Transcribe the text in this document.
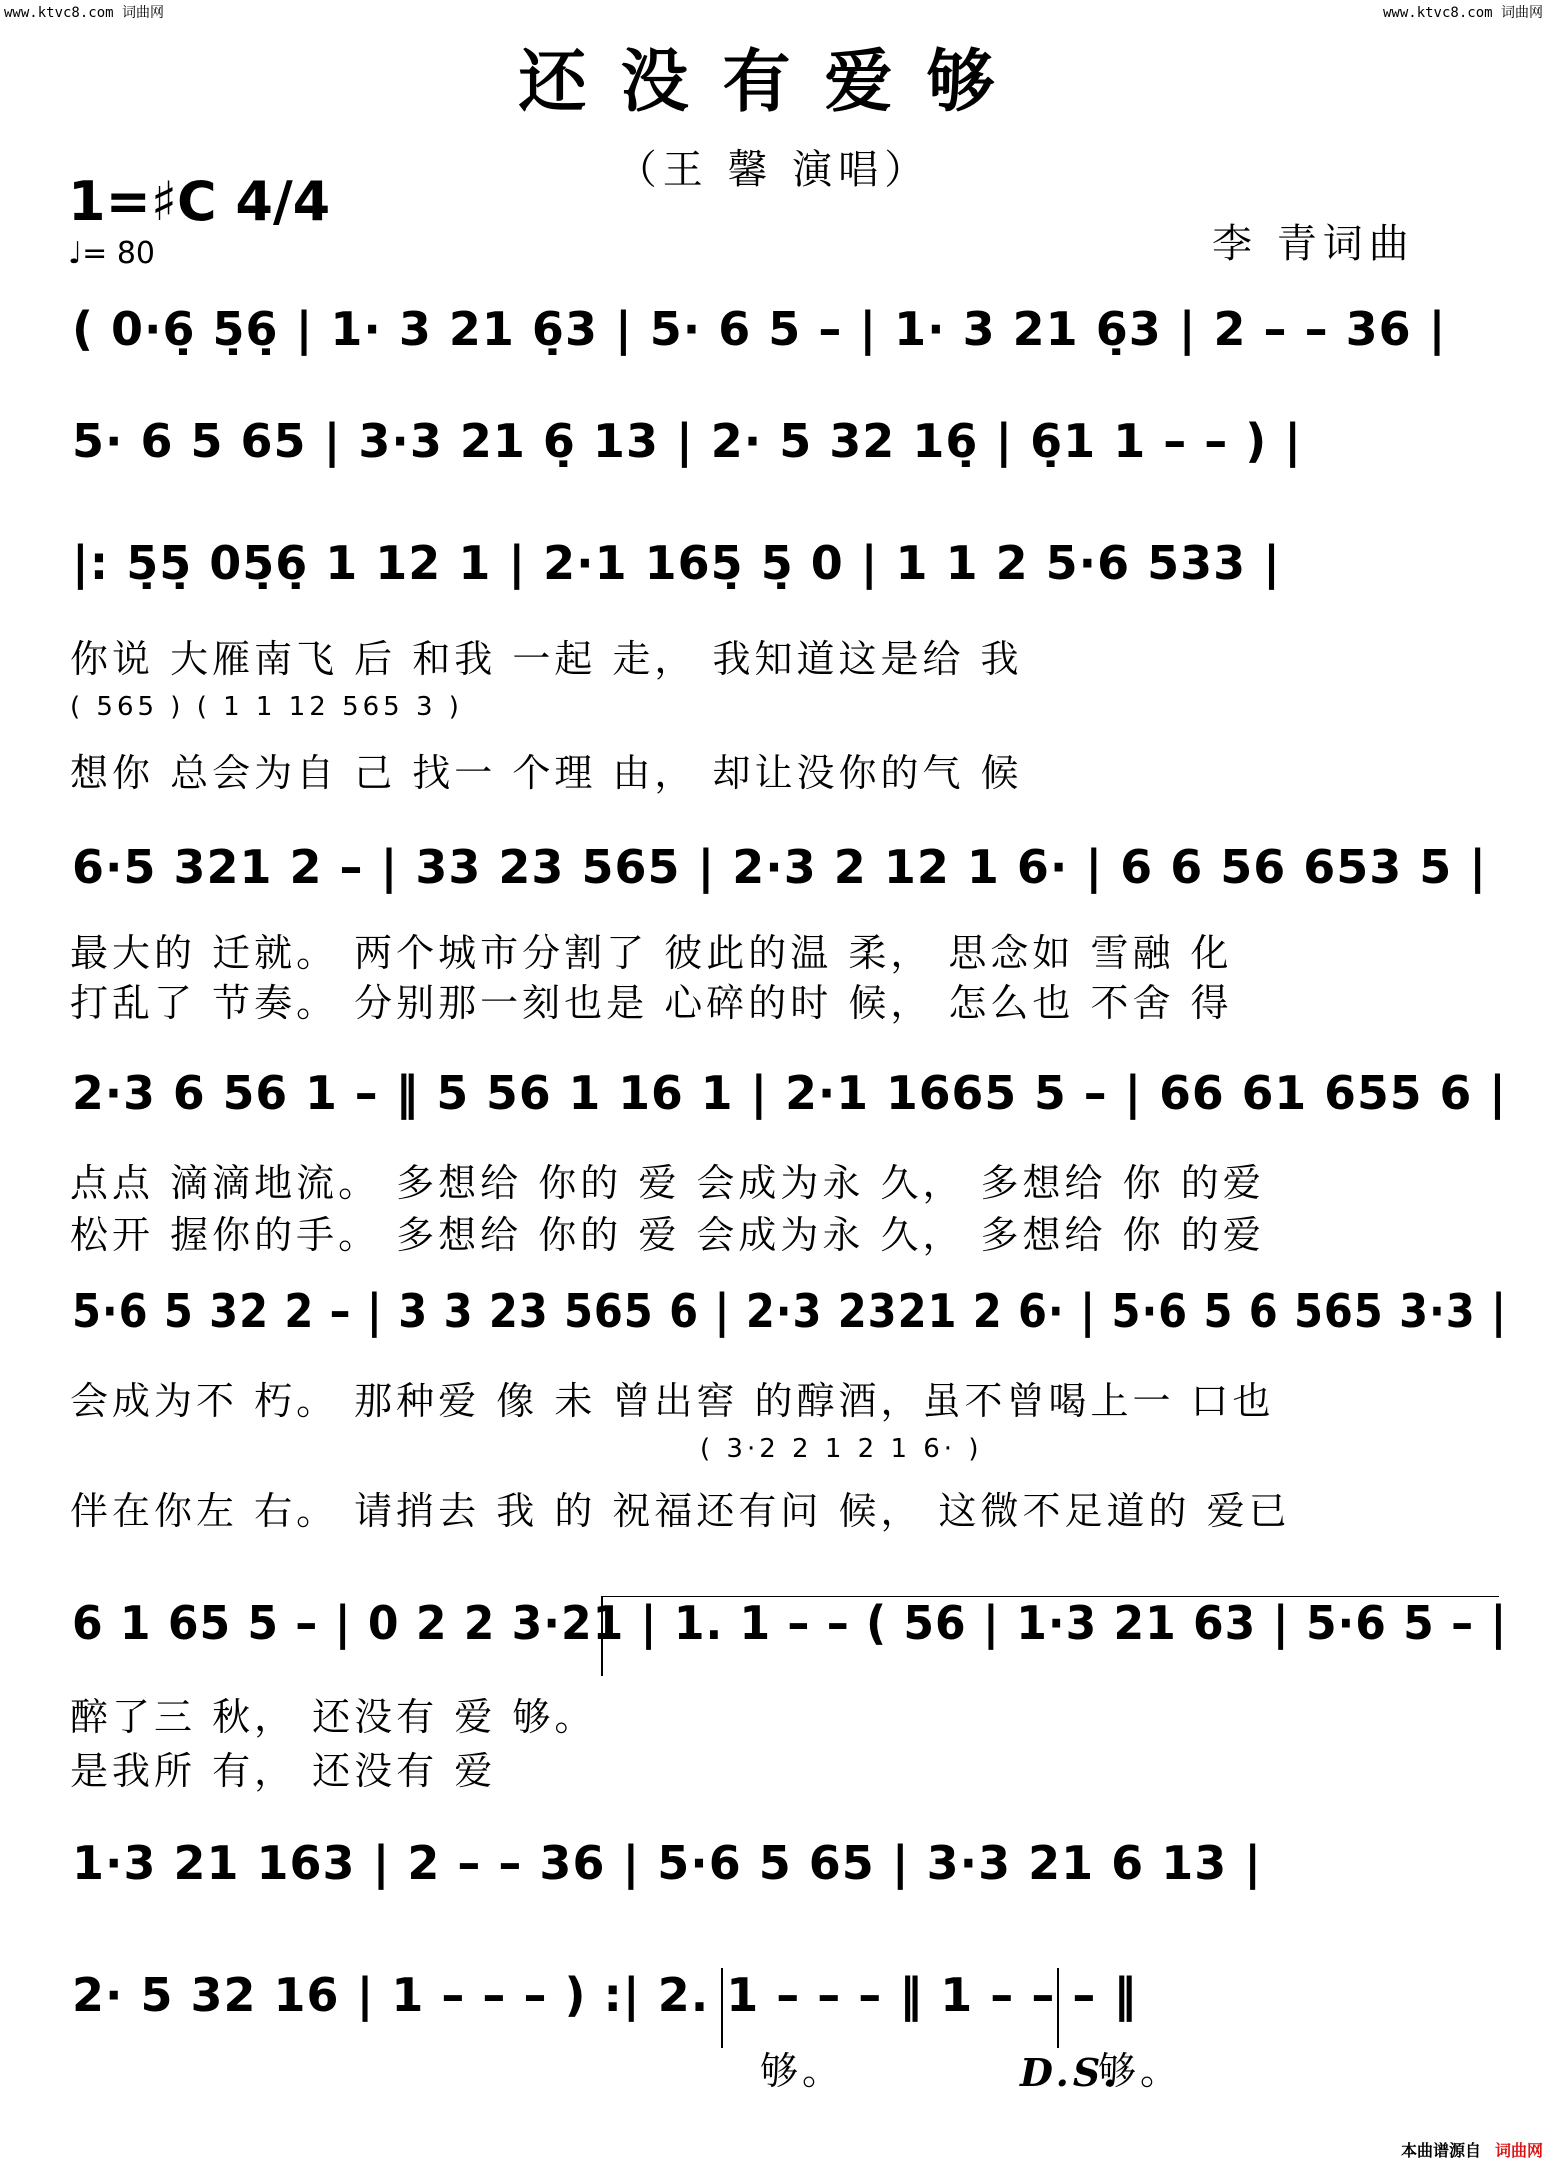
www.ktvc8.com 词曲网	www.ktvc8.com 词曲网
还没有爱够
（王 馨 演唱）
1=♯C 4/4
♩= 80	李 青词曲
( 0·6̣ 5̣6̣ | 1· 3 21 6̣3 | 5· 6 5 – | 1· 3 21 6̣3 | 2 – – 36 |
5· 6 5 65 | 3·3 21 6̣ 13 | 2· 5 32 16̣ | 6̣1 1 – – ) |
|: 5̣5̣ 05̣6̣ 1 12 1 | 2·1 165̣ 5̣ 0 | 1 1 2 5·6 533 |
你说 大雁南飞 后 和我 一起 走， 我知道这是给 我
( 565 ) ( 1 1 12 565 3 )
想你 总会为自 己 找一 个理 由， 却让没你的气 候
6·5 321 2 – | 33 23 565 | 2·3 2 12 1 6· | 6 6 56 653 5 |
最大的 迁就。 两个城市分割了 彼此的温 柔， 思念如 雪融 化
打乱了 节奏。 分别那一刻也是 心碎的时 候， 怎么也 不舍 得
2·3 6 56 1 – ‖ 5 56 1 16 1 | 2·1 1665 5 – | 66 61 655 6 |
点点 滴滴地流。 多想给 你的 爱 会成为永 久， 多想给 你 的爱
松开 握你的手。 多想给 你的 爱 会成为永 久， 多想给 你 的爱
5·6 5 32 2 – | 3 3 23 565 6 | 2·3 2321 2 6· | 5·6 5 6 565 3·3 |
会成为不 朽。 那种爱 像 未 曾出窖 的醇酒，虽不曾喝上一 口也
( 3·2 2 1 2 1 6· )
伴在你左 右。 请捎去 我 的 祝福还有问 候， 这微不足道的 爱已
6 1 65 5 – | 0 2 2 3·21 | 1. 1 – – ( 56 | 1·3 21 63 | 5·6 5 – |
醉了三 秋， 还没有 爱 够。
是我所 有， 还没有 爱
1·3 21 163 | 2 – – 36 | 5·6 5 65 | 3·3 21 6 13 |
2· 5 32 16 | 1 – – – ) :| 2. 1 – – – ‖ 1 – – – ‖
够。	D.S.
够。
本曲谱源自 词曲网
